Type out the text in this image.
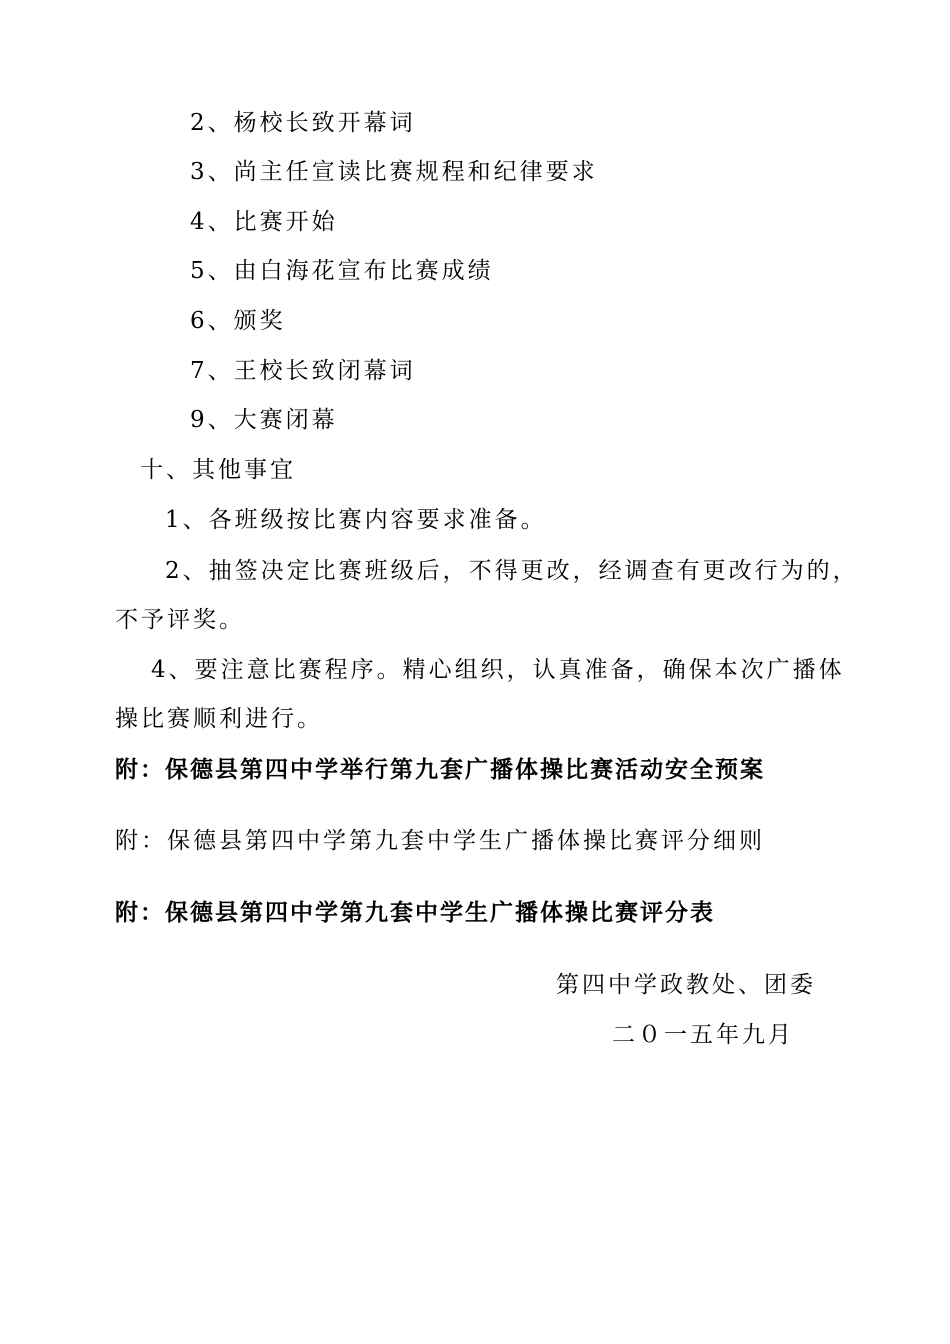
2、杨校长致开幕词
3、尚主任宣读比赛规程和纪律要求
4、比赛开始
5、由白海花宣布比赛成绩
6、颁奖
7、王校长致闭幕词
9、大赛闭幕
十、其他事宜
1、各班级按比赛内容要求准备。
2、抽签决定比赛班级后，不得更改，经调查有更改行为的，不予评奖。
4、要注意比赛程序。精心组织，认真准备，确保本次广播体操比赛顺利进行。
附：保德县第四中学举行第九套广播体操比赛活动安全预案
附：保德县第四中学第九套中学生广播体操比赛评分细则
附：保德县第四中学第九套中学生广播体操比赛评分表
第四中学政教处、团委
二０一五年九月
